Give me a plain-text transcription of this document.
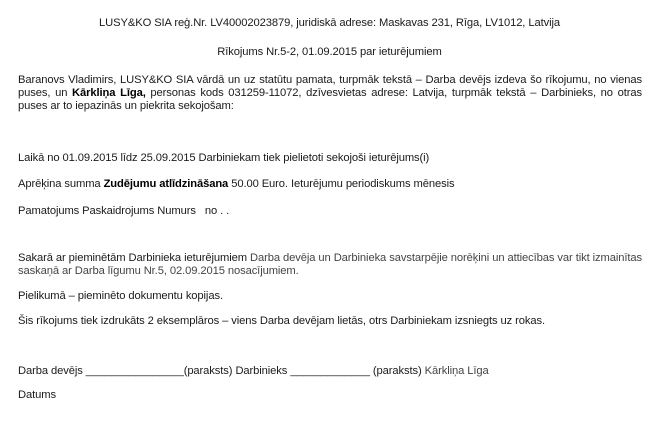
LUSY&KO SIA reģ.Nr. LV40002023879, juridiskā adrese: Maskavas 231, Rīga, LV1012, Latvija
Rīkojums Nr.5-2, 01.09.2015 par ieturējumiem
Baranovs Vladimirs, LUSY&KO SIA vārdā un uz statūtu pamata, turpmāk tekstā – Darba devējs izdeva šo rīkojumu, no vienas puses, un Kārkliņa Līga, personas kods 031259-11072, dzīvesvietas adrese: Latvija, turpmāk tekstā – Darbinieks, no otras puses ar to iepazinās un piekrita sekojošam:
Laikā no 01.09.2015 līdz 25.09.2015 Darbiniekam tiek pielietoti sekojoši ieturējums(i)
Aprēķina summa Zudējumu atlīdzināšana 50.00 Euro. Ieturējumu periodiskums mēnesis
Pamatojums Paskaidrojums Numurs   no . .
Sakarā ar pieminētām Darbinieka ieturējumiem Darba devēja un Darbinieka savstarpējie norēķini un attiecības var tikt izmainītas saskaņā ar Darba līgumu Nr.5, 02.09.2015 nosacījumiem.
Pielikumā – pieminēto dokumentu kopijas.
Šis rīkojums tiek izdrukāts 2 eksemplāros – viens Darba devējam lietās, otrs Darbiniekam izsniegts uz rokas.
Darba devējs ________________(paraksts) Darbinieks _____________ (paraksts) Kārkliņa Līga
Datums
